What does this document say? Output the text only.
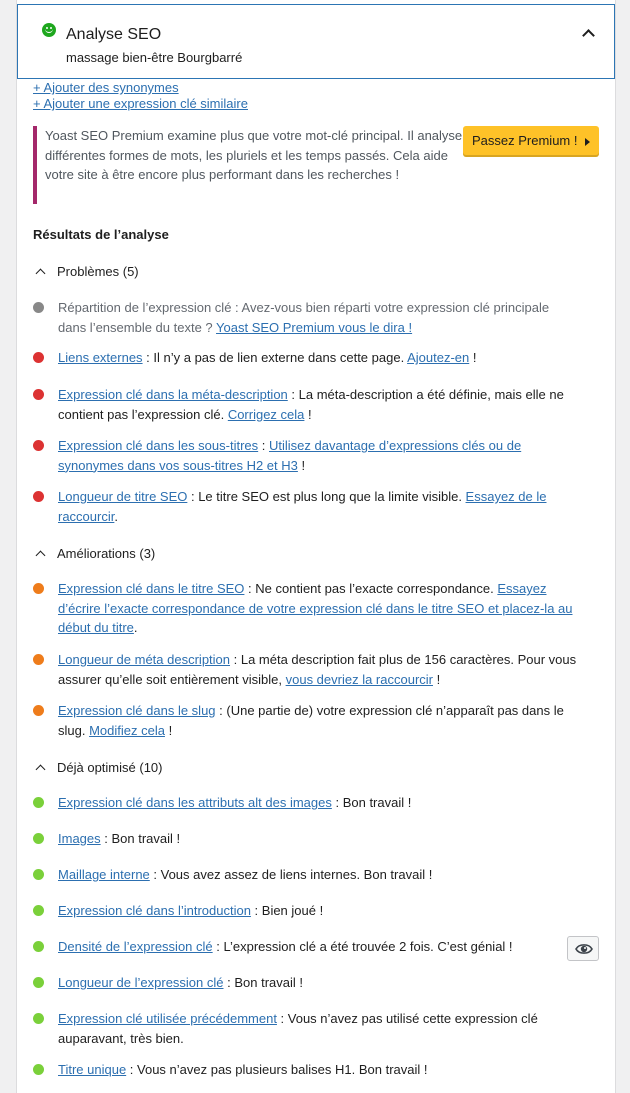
Analyse SEO
massage bien-être Bourgbarré
+ Ajouter des synonymes
+ Ajouter une expression clé similaire
Yoast SEO Premium examine plus que votre mot-clé principal. Il analyse différentes formes de mots, les pluriels et les temps passés. Cela aide votre site à être encore plus performant dans les recherches !
Passez Premium !
Résultats de l’analyse
Problèmes (5)
Répartition de l’expression clé : Avez-vous bien réparti votre expression clé principale dans l’ensemble du texte ? Yoast SEO Premium vous le dira !
Liens externes : Il n’y a pas de lien externe dans cette page. Ajoutez-en !
Expression clé dans la méta-description : La méta-description a été définie, mais elle ne contient pas l’expression clé. Corrigez cela !
Expression clé dans les sous-titres : Utilisez davantage d’expressions clés ou de synonymes dans vos sous-titres H2 et H3 !
Longueur de titre SEO : Le titre SEO est plus long que la limite visible. Essayez de le raccourcir.
Améliorations (3)
Expression clé dans le titre SEO : Ne contient pas l’exacte correspondance. Essayez d’écrire l’exacte correspondance de votre expression clé dans le titre SEO et placez-la au début du titre.
Longueur de méta description : La méta description fait plus de 156 caractères. Pour vous assurer qu’elle soit entièrement visible, vous devriez la raccourcir !
Expression clé dans le slug : (Une partie de) votre expression clé n’apparaît pas dans le slug. Modifiez cela !
Déjà optimisé (10)
Expression clé dans les attributs alt des images : Bon travail !
Images : Bon travail !
Maillage interne : Vous avez assez de liens internes. Bon travail !
Expression clé dans l’introduction : Bien joué !
Densité de l’expression clé : L’expression clé a été trouvée 2 fois. C’est génial !
Longueur de l’expression clé : Bon travail !
Expression clé utilisée précédemment : Vous n’avez pas utilisé cette expression clé auparavant, très bien.
Titre unique : Vous n’avez pas plusieurs balises H1. Bon travail !
